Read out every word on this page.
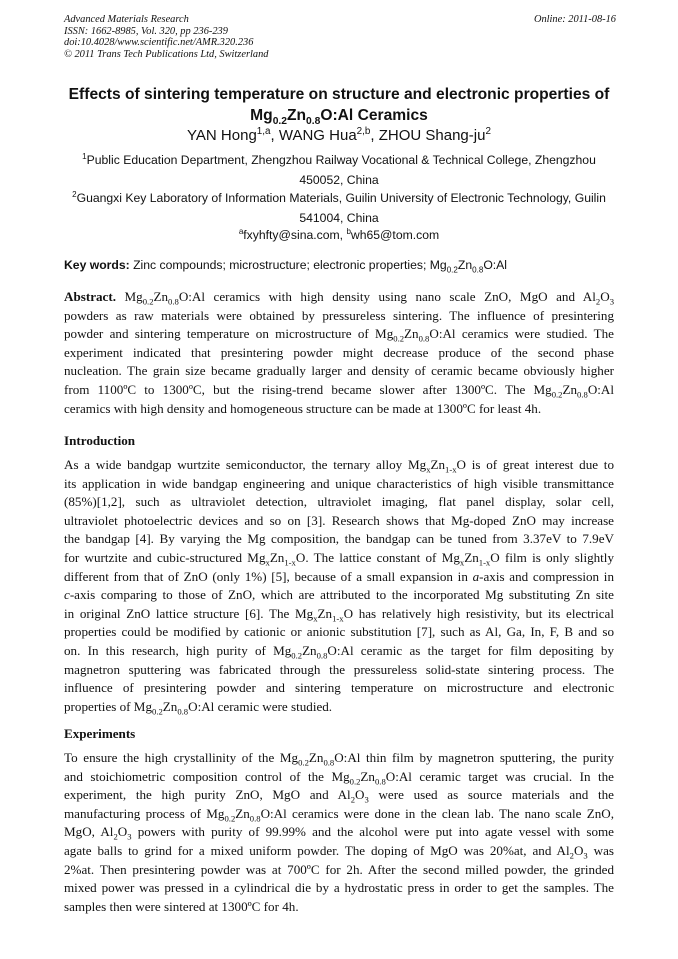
Advanced Materials Research
ISSN: 1662-8985, Vol. 320, pp 236-239
doi:10.4028/www.scientific.net/AMR.320.236
© 2011 Trans Tech Publications Ltd, Switzerland
Online: 2011-08-16
Effects of sintering temperature on structure and electronic properties of
$Mg_{0.2}Zn_{0.8}O:Al$ Ceramics
YAN Hong$^{1,a}$, WANG Hua$^{2,b}$, ZHOU Shang-$ju^2$
$^1$Public Education Department, Zhengzhou Railway Vocational & Technical College, Zhengzhou
450052, China
$^2$Guangxi Key Laboratory of Information Materials, Guilin University of Electronic Technology, Guilin
541004, China
$^a$fxyhfty@sina.com, $^b$wh65@tom.com
Key words: Zinc compounds; microstructure; electronic properties; $Mg_{0.2}Zn_{0.8}O:Al$
Abstract. $Mg_{0.2}Zn_{0.8}O:Al$ ceramics with high density using nano scale ZnO, MgO and $Al_2O_3$
powders as raw materials were obtained by pressureless sintering. The influence of presintering
powder and sintering temperature on microstructure of $Mg_{0.2}Zn_{0.8}O:Al$ ceramics were studied. The
experiment indicated that presintering powder might decrease produce of the second phase
nucleation. The grain size became gradually larger and density of ceramic became obviously higher
from 1100ºC to 1300ºC, but the rising-trend became slower after 1300ºC. The $Mg_{0.2}Zn_{0.8}O:Al$
ceramics with high density and homogeneous structure can be made at 1300ºC for least 4h.
Introduction
As a wide bandgap wurtzite semiconductor, the ternary alloy $Mg_xZn_{1-x}O$ is of great interest due to
its application in wide bandgap engineering and unique characteristics of high visible transmittance
(85%)[1,2], such as ultraviolet detection, ultraviolet imaging, flat panel display, solar cell,
ultraviolet photoelectric devices and so on [3]. Research shows that Mg-doped ZnO may increase
the bandgap [4]. By varying the Mg composition, the bandgap can be tuned from 3.37eV to 7.9eV
for wurtzite and cubic-structured $Mg_xZn_{1-x}O$. The lattice constant of $Mg_xZn_{1-x}O$ film is only slightly
different from that of ZnO (only 1%) [5], because of a small expansion in a-axis and compression in
c-axis comparing to those of ZnO, which are attributed to the incorporated Mg substituting Zn site
in original ZnO lattice structure [6]. The $Mg_xZn_{1-x}O$ has relatively high resistivity, but its electrical
properties could be modified by cationic or anionic substitution [7], such as Al, Ga, In, F, B and so
on. In this research, high purity of $Mg_{0.2}Zn_{0.8}O:Al$ ceramic as the target for film depositing by
magnetron sputtering was fabricated through the pressureless solid-state sintering process. The
influence of presintering powder and sintering temperature on microstructure and electronic
properties of $Mg_{0.2}Zn_{0.8}O:Al$ ceramic were studied.
Experiments
To ensure the high crystallinity of the $Mg_{0.2}Zn_{0.8}O:Al$ thin film by magnetron sputtering, the purity
and stoichiometric composition control of the $Mg_{0.2}Zn_{0.8}O:Al$ ceramic target was crucial. In the
experiment, the high purity ZnO, MgO and $Al_2O_3$ were used as source materials and the
manufacturing process of $Mg_{0.2}Zn_{0.8}O:Al$ ceramics were done in the clean lab. The nano scale ZnO,
MgO, $Al_2O_3$ powers with purity of 99.99% and the alcohol were put into agate vessel with some
agate balls to grind for a mixed uniform powder. The doping of MgO was 20%at, and $Al_2O_3$ was
2%at. Then presintering powder was at 700ºC for 2h. After the second milled powder, the grinded
mixed power was pressed in a cylindrical die by a hydrostatic press in order to get the samples. The
samples then were sintered at 1300ºC for 4h.
